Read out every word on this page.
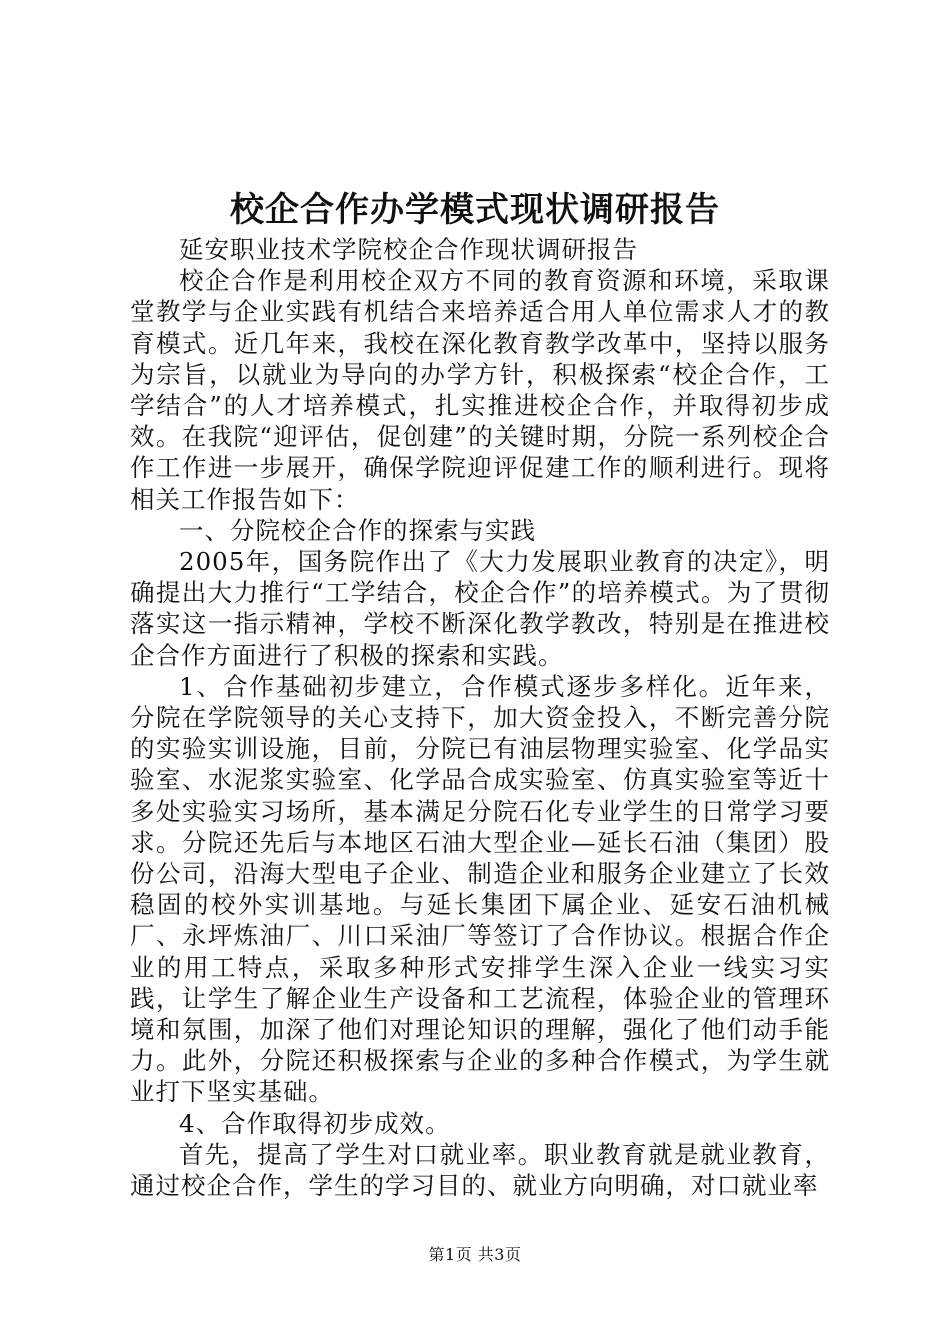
校企合作办学模式现状调研报告

延安职业技术学院校企合作现状调研报告

校企合作是利用校企双方不同的教育资源和环境，采取课堂教学与企业实践有机结合来培养适合用人单位需求人才的教育模式。近几年来，我校在深化教育教学改革中，坚持以服务为宗旨，以就业为导向的办学方针，积极探索“校企合作，工学结合”的人才培养模式，扎实推进校企合作，并取得初步成效。在我院“迎评估，促创建”的关键时期，分院一系列校企合作工作进一步展开，确保学院迎评促建工作的顺利进行。现将相关工作报告如下：

一、分院校企合作的探索与实践

2005年，国务院作出了《大力发展职业教育的决定》，明确提出大力推行“工学结合，校企合作”的培养模式。为了贯彻落实这一指示精神，学校不断深化教学教改，特别是在推进校企合作方面进行了积极的探索和实践。

1、合作基础初步建立，合作模式逐步多样化。近年来，分院在学院领导的关心支持下，加大资金投入，不断完善分院的实验实训设施，目前，分院已有油层物理实验室、化学品实验室、水泥浆实验室、化学品合成实验室、仿真实验室等近十多处实验实习场所，基本满足分院石化专业学生的日常学习要求。分院还先后与本地区石油大型企业—延长石油（集团）股份公司，沿海大型电子企业、制造企业和服务企业建立了长效稳固的校外实训基地。与延长集团下属企业、延安石油机械厂、永坪炼油厂、川口采油厂等签订了合作协议。根据合作企业的用工特点，采取多种形式安排学生深入企业一线实习实践，让学生了解企业生产设备和工艺流程，体验企业的管理环境和氛围，加深了他们对理论知识的理解，强化了他们动手能力。此外，分院还积极探索与企业的多种合作模式，为学生就业打下坚实基础。

4、合作取得初步成效。

首先，提高了学生对口就业率。职业教育就是就业教育，通过校企合作，学生的学习目的、就业方向明确，对口就业率

第1页 共3页
